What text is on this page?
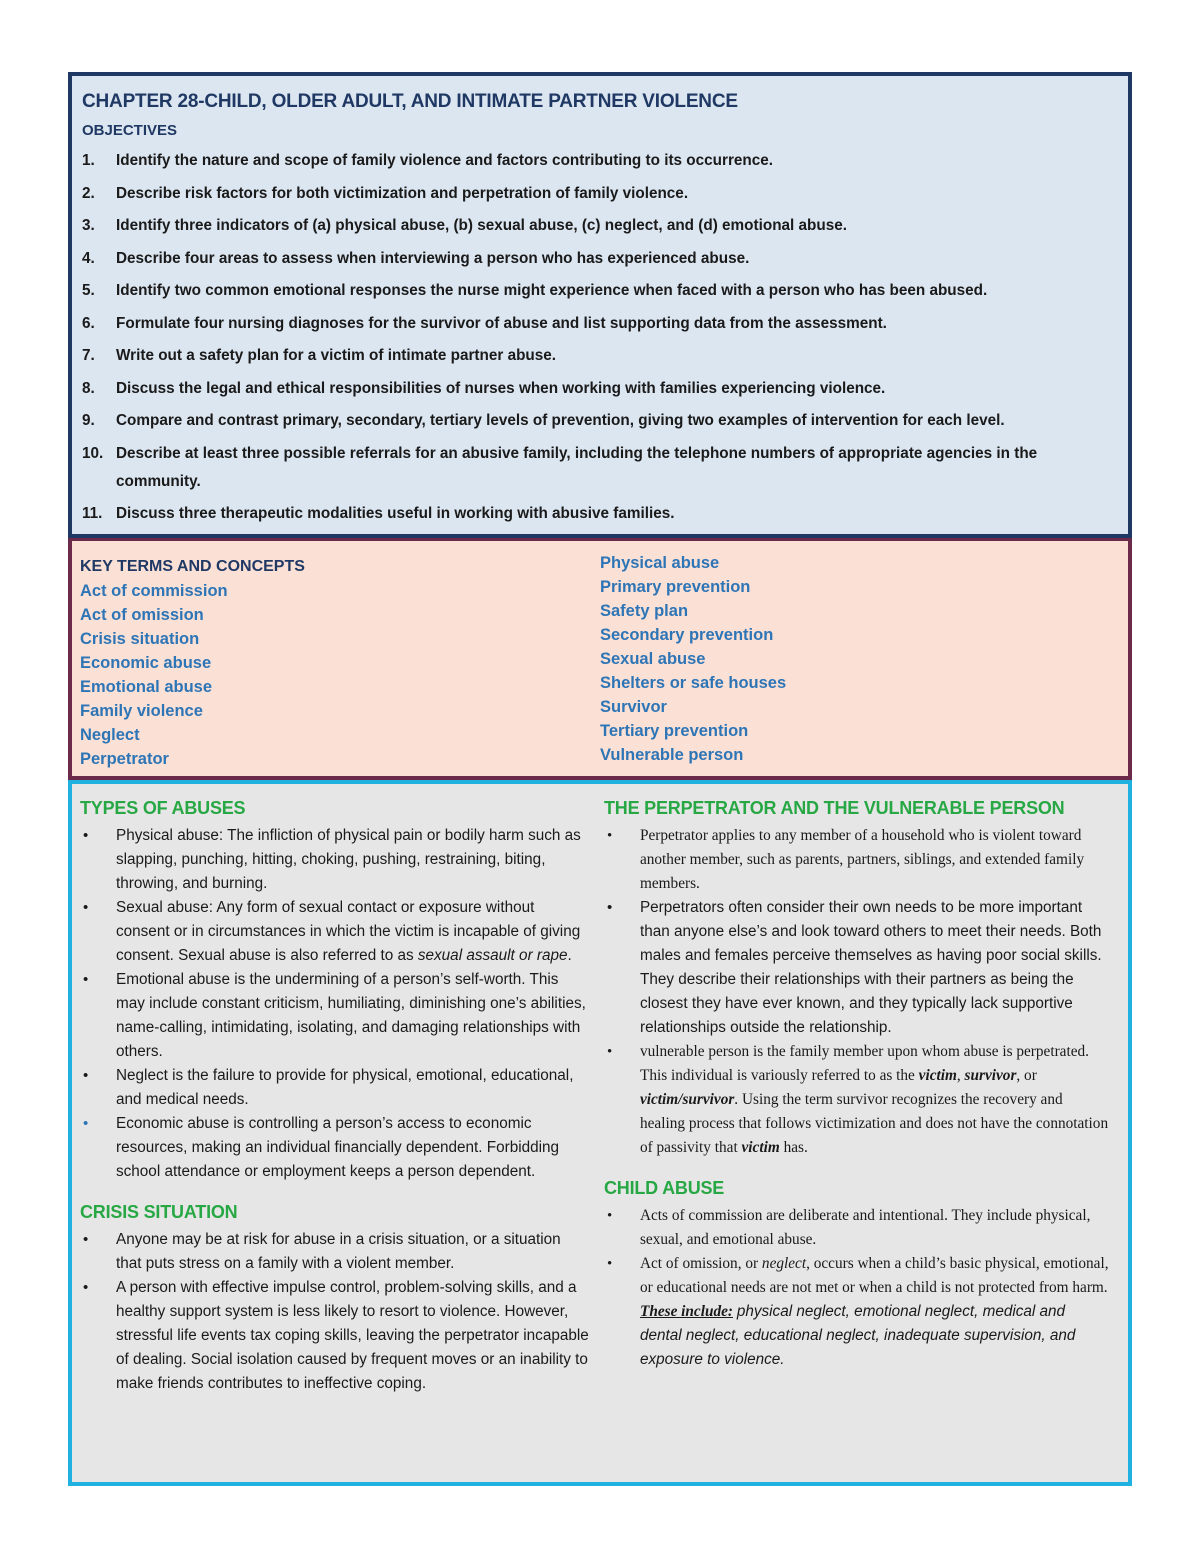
CHAPTER 28-CHILD, OLDER ADULT, AND INTIMATE PARTNER VIOLENCE
OBJECTIVES
1.	Identify the nature and scope of family violence and factors contributing to its occurrence.
2.	Describe risk factors for both victimization and perpetration of family violence.
3.	Identify three indicators of (a) physical abuse, (b) sexual abuse, (c) neglect, and (d) emotional abuse.
4.	Describe four areas to assess when interviewing a person who has experienced abuse.
5.	Identify two common emotional responses the nurse might experience when faced with a person who has been abused.
6.	Formulate four nursing diagnoses for the survivor of abuse and list supporting data from the assessment.
7.	Write out a safety plan for a victim of intimate partner abuse.
8.	Discuss the legal and ethical responsibilities of nurses when working with families experiencing violence.
9.	Compare and contrast primary, secondary, tertiary levels of prevention, giving two examples of intervention for each level.
10. Describe at least three possible referrals for an abusive family, including the telephone numbers of appropriate agencies in the community.
11. Discuss three therapeutic modalities useful in working with abusive families.
KEY TERMS AND CONCEPTS
Act of commission
Act of omission
Crisis situation
Economic abuse
Emotional abuse
Family violence
Neglect
Perpetrator
Physical abuse
Primary prevention
Safety plan
Secondary prevention
Sexual abuse
Shelters or safe houses
Survivor
Tertiary prevention
Vulnerable person
TYPES OF ABUSES
• Physical abuse: The infliction of physical pain or bodily harm such as slapping, punching, hitting, choking, pushing, restraining, biting, throwing, and burning.
• Sexual abuse: Any form of sexual contact or exposure without consent or in circumstances in which the victim is incapable of giving consent. Sexual abuse is also referred to as sexual assault or rape.
• Emotional abuse is the undermining of a person’s self-worth. This may include constant criticism, humiliating, diminishing one’s abilities, name-calling, intimidating, isolating, and damaging relationships with others.
• Neglect is the failure to provide for physical, emotional, educational, and medical needs.
• Economic abuse is controlling a person’s access to economic resources, making an individual financially dependent. Forbidding school attendance or employment keeps a person dependent.
CRISIS SITUATION
• Anyone may be at risk for abuse in a crisis situation, or a situation that puts stress on a family with a violent member.
• A person with effective impulse control, problem-solving skills, and a healthy support system is less likely to resort to violence. However, stressful life events tax coping skills, leaving the perpetrator incapable of dealing. Social isolation caused by frequent moves or an inability to make friends contributes to ineffective coping.
THE PERPETRATOR AND THE VULNERABLE PERSON
• Perpetrator applies to any member of a household who is violent toward another member, such as parents, partners, siblings, and extended family members.
• Perpetrators often consider their own needs to be more important than anyone else’s and look toward others to meet their needs. Both males and females perceive themselves as having poor social skills. They describe their relationships with their partners as being the closest they have ever known, and they typically lack supportive relationships outside the relationship.
• vulnerable person is the family member upon whom abuse is perpetrated. This individual is variously referred to as the victim, survivor, or victim/survivor. Using the term survivor recognizes the recovery and healing process that follows victimization and does not have the connotation of passivity that victim has.
CHILD ABUSE
• Acts of commission are deliberate and intentional. They include physical, sexual, and emotional abuse.
• Act of omission, or neglect, occurs when a child’s basic physical, emotional, or educational needs are not met or when a child is not protected from harm. These include: physical neglect, emotional neglect, medical and dental neglect, educational neglect, inadequate supervision, and exposure to violence.
